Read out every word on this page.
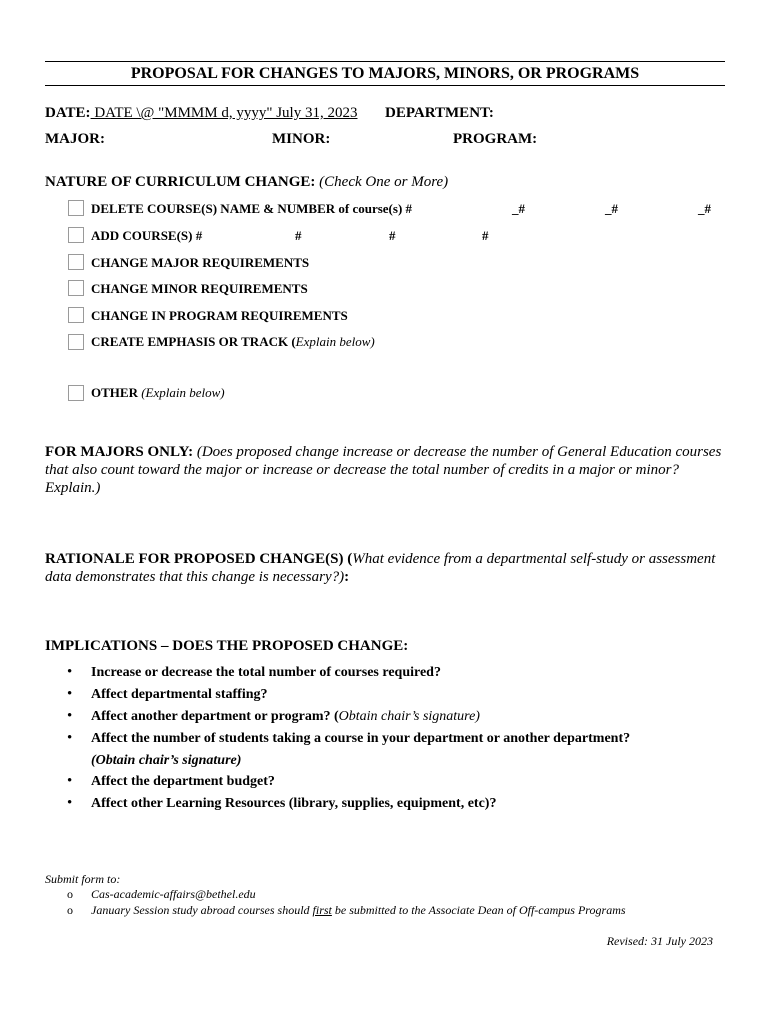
PROPOSAL FOR CHANGES TO MAJORS, MINORS, OR PROGRAMS
DATE: DATE \@ "MMMM d, yyyy" July 31, 2023 DEPARTMENT:
MAJOR:	MINOR:	PROGRAM:
NATURE OF CURRICULUM CHANGE: (Check One or More)
DELETE COURSE(S) NAME & NUMBER of course(s) #	_#	_#	_#
ADD COURSE(S) #	#	#	#
CHANGE MAJOR REQUIREMENTS
CHANGE MINOR REQUIREMENTS
CHANGE IN PROGRAM REQUIREMENTS
CREATE EMPHASIS OR TRACK (Explain below)
OTHER (Explain below)
FOR MAJORS ONLY: (Does proposed change increase or decrease the number of General Education courses that also count toward the major or increase or decrease the total number of credits in a major or minor? Explain.)
RATIONALE FOR PROPOSED CHANGE(S) (What evidence from a departmental self-study or assessment data demonstrates that this change is necessary?):
IMPLICATIONS – DOES THE PROPOSED CHANGE:
• Increase or decrease the total number of courses required?
• Affect departmental staffing?
• Affect another department or program? (Obtain chair’s signature)
• Affect the number of students taking a course in your department or another department?
(Obtain chair’s signature)
• Affect the department budget?
• Affect other Learning Resources (library, supplies, equipment, etc)?
Submit form to:
o Cas-academic-affairs@bethel.edu
o January Session study abroad courses should first be submitted to the Associate Dean of Off-campus Programs
Revised: 31 July 2023
